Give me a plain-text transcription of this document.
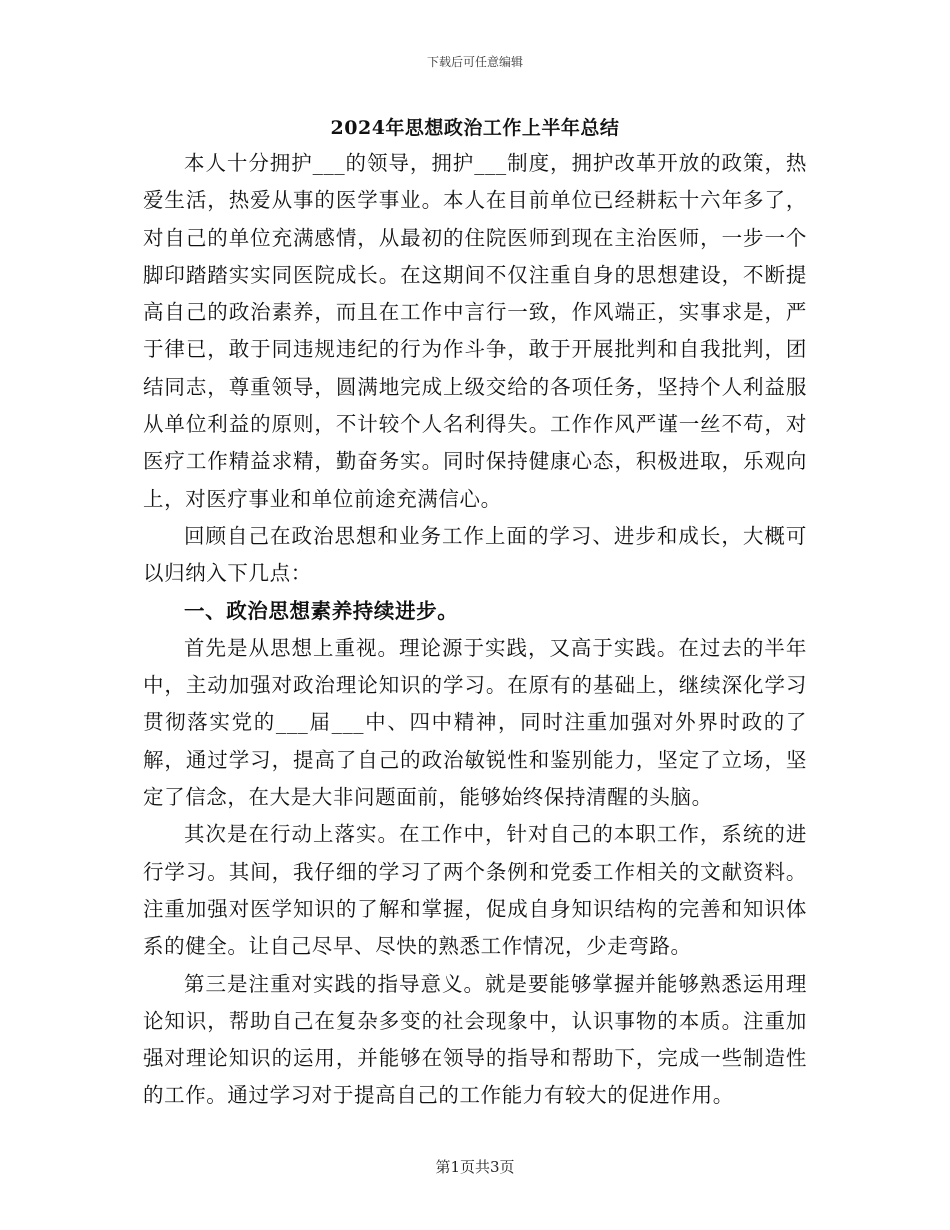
下载后可任意编辑
2024年思想政治工作上半年总结

本人十分拥护___的领导，拥护___制度，拥护改革开放的政策，热爱生活，热爱从事的医学事业。本人在目前单位已经耕耘十六年多了，对自己的单位充满感情，从最初的住院医师到现在主治医师，一步一个脚印踏踏实实同医院成长。在这期间不仅注重自身的思想建设，不断提高自己的政治素养，而且在工作中言行一致，作风端正，实事求是，严于律已，敢于同违规违纪的行为作斗争，敢于开展批判和自我批判，团结同志，尊重领导，圆满地完成上级交给的各项任务，坚持个人利益服从单位利益的原则，不计较个人名利得失。工作作风严谨一丝不苟，对医疗工作精益求精，勤奋务实。同时保持健康心态，积极进取，乐观向上，对医疗事业和单位前途充满信心。

回顾自己在政治思想和业务工作上面的学习、进步和成长，大概可以归纳入下几点：

一、政治思想素养持续进步。

首先是从思想上重视。理论源于实践，又高于实践。在过去的半年中，主动加强对政治理论知识的学习。在原有的基础上，继续深化学习贯彻落实党的___届___中、四中精神，同时注重加强对外界时政的了解，通过学习，提高了自己的政治敏锐性和鉴别能力，坚定了立场，坚定了信念，在大是大非问题面前，能够始终保持清醒的头脑。

其次是在行动上落实。在工作中，针对自己的本职工作，系统的进行学习。其间，我仔细的学习了两个条例和党委工作相关的文献资料。注重加强对医学知识的了解和掌握，促成自身知识结构的完善和知识体系的健全。让自己尽早、尽快的熟悉工作情况，少走弯路。

第三是注重对实践的指导意义。就是要能够掌握并能够熟悉运用理论知识，帮助自己在复杂多变的社会现象中，认识事物的本质。注重加强对理论知识的运用，并能够在领导的指导和帮助下，完成一些制造性的工作。通过学习对于提高自己的工作能力有较大的促进作用。

第1页共3页
